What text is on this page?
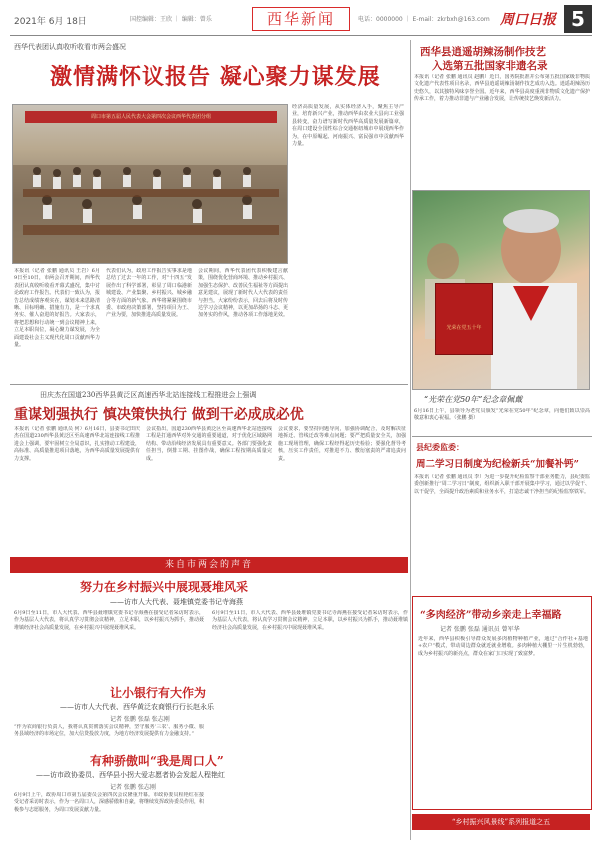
2021年 6月 18日	国控编辑：王欣 ｜ 编辑：曾乐	西华新闻	电话：0000000 ｜ E-mail：zkrbxh@163.com 周口日报 5
西华代表团认真收听收看市两会盛况
激情满怀议报告 凝心聚力谋发展
周口市第五届人民代表大会第四次会议西华代表团分组
本报讯（记者 张鹏 通讯员 王岩）6月9日至10日，市两会召开期间，西华代表团认真收听收看开幕式盛况，集中讨论政府工作报告。代表们一致认为，报告总结成绩客观实在，谋划未来思路清晰、目标明确、措施有力，是一个求真务实、催人奋进的好报告。大家表示，将把思想和行动统一到会议精神上来，立足本职岗位，凝心聚力谋发展，为全面建设社会主义现代化周口贡献西华力量。
代表们认为，政府工作报告实事求是地总结了过去一年的工作，对“十四五”发展作出了科学部署，彰显了周口临港新城建设、产业集聚、乡村振兴、城乡融合等方面的新气象。西华将紧紧围绕市委、市政府决策部署，坚持项目为王、产业为要，加快推进高质量发展。
会议期间，西华代表团代表积极建言献策，围绕优化营商环境、推动乡村振兴、加强生态保护、改善民生福祉等方面提出意见建议，展现了新时代人大代表的责任与担当。大家纷纷表示，回去后将及时传达学习会议精神，以更加昂扬的斗志、更加务实的作风，推动各项工作落地见效。
经济高质量发展，从实体经济入手，聚焦主导产业，培育新兴产业，推动西华由农业大县向工业强县转变，奋力谱写新时代西华高质量发展新篇章，在周口建设全国性综合交通枢纽城市中展现西华作为，在中原崛起、河南振兴、富民强市中贡献西华力量。
田庆杰在国道230西华县黄泛区高速西华北站连接线工程推进会上强调
重谋划强执行 慎决策快执行 做到干必成成必优
本报讯（记者 张鹏 通讯员 何）6月16日，县委书记田庆杰在国道230西华县黄泛区至高速西华北站连接线工程推进会上强调，要牢固树立全局意识，扎实推动工程建设，高标准、高质量推进项目落地，为西华高质量发展提供有力支撑。
会议指出，国道230西华县黄泛区至高速西华北站连接线工程是打通西华对外交通的重要通道，对于优化区域路网结构、带动沿线经济发展具有重要意义。各部门要强化责任担当，倒排工期、挂图作战，确保工程按期高质量完成。
会议要求，要坚持问题导向，加强协调配合，及时解决征地拆迁、管线迁改等难点问题；要严把质量安全关，加强施工现场管理，确保工程经得起历史检验；要强化督导考核，压实工作责任，对推进不力、敷衍塞责的严肃追责问责。
来自市两会的声音
努力在乡村振兴中展现聂堆风采
——访市人大代表、聂堆镇党委书记寺海燕
6月9日至11日，市人大代表、西华县聂堆镇党委书记寺海燕在接受记者采访时表示，作为基层人大代表，将认真学习贯彻会议精神，立足本职，以乡村振兴为抓手，推动聂堆镇经济社会高质量发展，在乡村振兴中展现聂堆风采。
让小银行有大作为
——访市人大代表、西华黄泛农商银行行长赵永乐
记者 张鹏 张磊 张志刚
“作为农商银行负责人，我将认真贯彻落实会议精神，坚守服务‘三农’、服务小微、服务县域经济的市场定位，加大信贷投放力度，为地方经济发展提供有力金融支持。”
有种骄傲叫“我是周口人”
——访市政协委员、西华县小拐大爱志愿者协会发起人程艳红
记者 张鹏 张志刚
6月9日上午，政协周口市第五届委员会第四次会议隆重开幕。市政协委员程艳红在接受记者采访时表示，作为一名周口人，深感骄傲和自豪，将继续发挥政协委员作用，积极参与志愿服务，为周口发展贡献力量。
6月9日至11日，市人大代表、西华县聂堆镇党委书记寺海燕在接受记者采访时表示，作为基层人大代表，将认真学习贯彻会议精神，立足本职，以乡村振兴为抓手，推动聂堆镇经济社会高质量发展，在乡村振兴中展现聂堆风采。
西华县逍遥胡辣汤制作技艺
入选第五批国家非遗名录
本报讯（记者 张鹏 通讯员 赵鹏）近日，国务院批准并公布第五批国家级非物质文化遗产代表性项目名录，西华县逍遥胡辣汤制作技艺成功入选。逍遥胡辣汤历史悠久，以其独特风味享誉全国。近年来，西华县高度重视非物质文化遗产保护传承工作，着力推动非遗与产业融合发展，让传统技艺焕发新活力。
光荣在党五十年
“光荣在党50年”纪念章佩戴
6月16日上午，县领导为老党员颁发“光荣在党50年”纪念章，向他们致以崇高敬意和衷心祝福。（张鹏 摄）
县纪委监委：
周二学习日制度为纪检新兵“加餐补钙”
本报讯（记者 张鹏 通讯员 李）为进一步提升纪检监察干部业务能力，县纪委监委创新推行“周二学习日”制度，组织新入职干部开展集中学习，通过以学促干、以干促学，全面提升政治素质和业务水平，打造忠诚干净担当的纪检监察铁军。
“多肉经济”带动乡亲走上幸福路
记者 张鹏 张磊 通讯员 曾军华
近年来，西华县积极引导群众发展多肉植物种植产业，通过“合作社+基地+农户”模式，带动周边群众就近就业增收。多肉种植大棚里一片生机勃勃，成为乡村振兴的新亮点，群众在家门口实现了致富梦。
“乡村振兴风景线”系列报道之五
